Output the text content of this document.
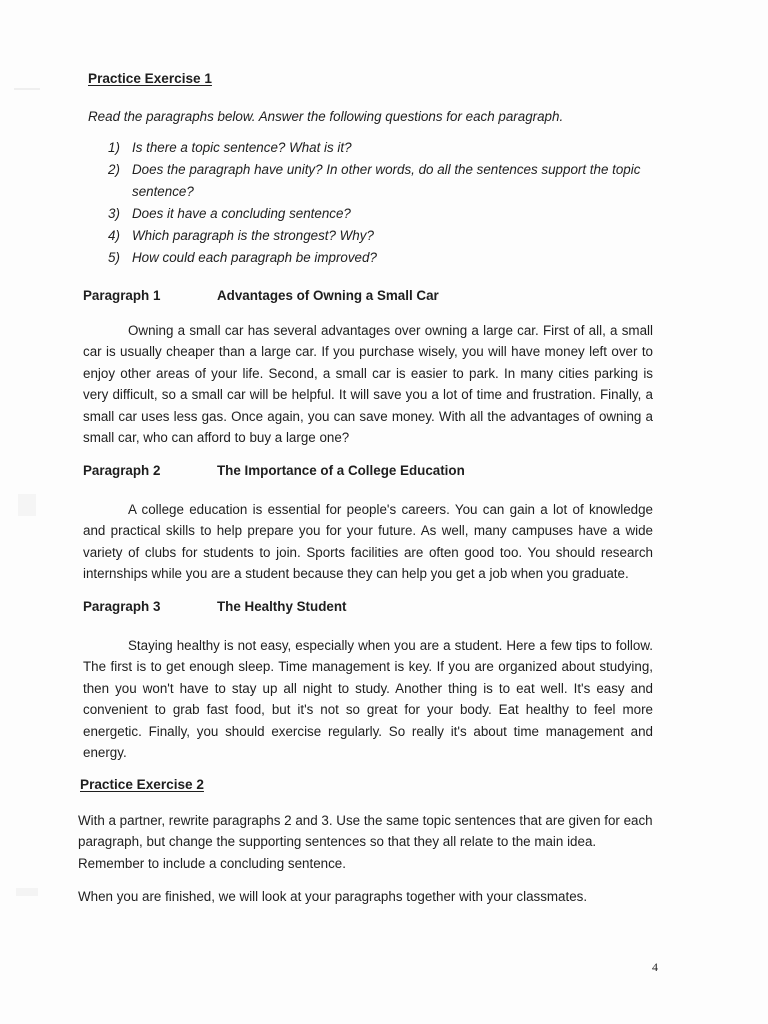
Practice Exercise 1
Read the paragraphs below. Answer the following questions for each paragraph.
1) Is there a topic sentence? What is it?
2) Does the paragraph have unity? In other words, do all the sentences support the topic sentence?
3) Does it have a concluding sentence?
4) Which paragraph is the strongest? Why?
5) How could each paragraph be improved?
Paragraph 1	Advantages of Owning a Small Car
Owning a small car has several advantages over owning a large car. First of all, a small car is usually cheaper than a large car. If you purchase wisely, you will have money left over to enjoy other areas of your life. Second, a small car is easier to park. In many cities parking is very difficult, so a small car will be helpful. It will save you a lot of time and frustration. Finally, a small car uses less gas. Once again, you can save money. With all the advantages of owning a small car, who can afford to buy a large one?
Paragraph 2	The Importance of a College Education
A college education is essential for people's careers. You can gain a lot of knowledge and practical skills to help prepare you for your future. As well, many campuses have a wide variety of clubs for students to join. Sports facilities are often good too. You should research internships while you are a student because they can help you get a job when you graduate.
Paragraph 3	The Healthy Student
Staying healthy is not easy, especially when you are a student. Here a few tips to follow. The first is to get enough sleep. Time management is key. If you are organized about studying, then you won't have to stay up all night to study. Another thing is to eat well. It's easy and convenient to grab fast food, but it's not so great for your body. Eat healthy to feel more energetic. Finally, you should exercise regularly. So really it's about time management and energy.
Practice Exercise 2
With a partner, rewrite paragraphs 2 and 3. Use the same topic sentences that are given for each paragraph, but change the supporting sentences so that they all relate to the main idea. Remember to include a concluding sentence.
When you are finished, we will look at your paragraphs together with your classmates.
4
